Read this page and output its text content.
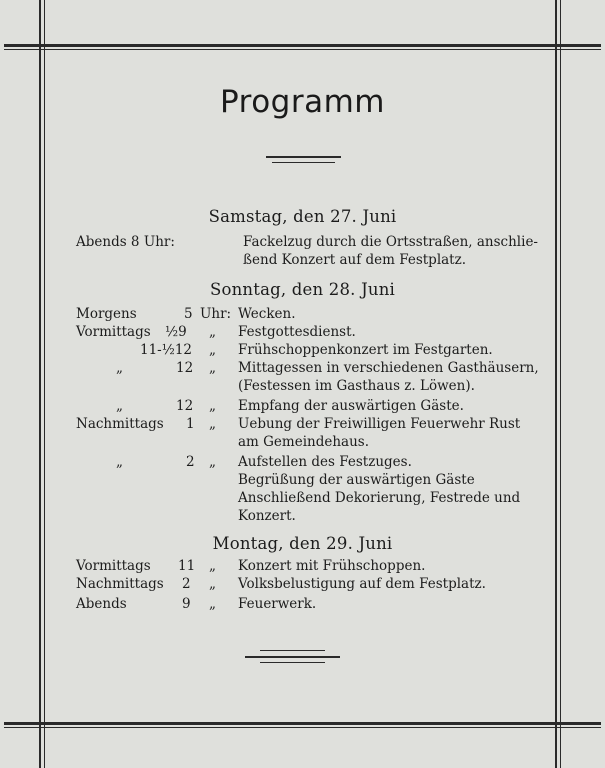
Programm
Samstag, den 27. Juni
Abends 8 Uhr:	Fackelzug durch die Ortsstraßen, anschlie-
ßend Konzert auf dem Festplatz.
Sonntag, den 28. Juni
Morgens	5 Uhr: Wecken.
Vormittags ½9 „ Festgottesdienst.
11-½12 „ Frühschoppenkonzert im Festgarten.
„	12 „ Mittagessen in verschiedenen Gasthäusern,
(Festessen im Gasthaus z. Löwen).
„	12 „ Empfang der auswärtigen Gäste.
Nachmittags 1 „ Uebung der Freiwilligen Feuerwehr Rust
am Gemeindehaus.
„	2 „ Aufstellen des Festzuges.
Begrüßung der auswärtigen Gäste
Anschließend Dekorierung, Festrede und
Konzert.
Montag, den 29. Juni
Vormittags 11 „ Konzert mit Frühschoppen.
Nachmittags 2 „ Volksbelustigung auf dem Festplatz.
Abends	9 „ Feuerwerk.
